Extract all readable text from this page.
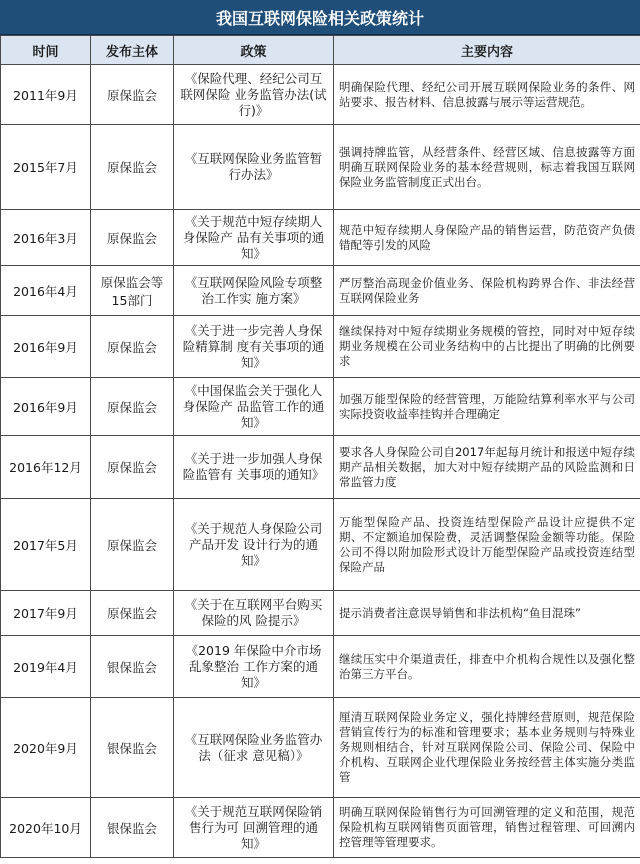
我国互联网保险相关政策统计
时间	发布主体	政策	主要内容
2011年9月	原保监会	《保险代理、经纪公司互联网保险 业务监管办法(试行)》	明确保险代理、经纪公司开展互联网保险业务的条件、网站要求、报告材料、信息披露与展示等运营规范。
2015年7月	原保监会	《互联网保险业务监管暂行办法》	强调持牌监管，从经营条件、经营区域、信息披露等方面明确互联网保险业务的基本经营规则，标志着我国互联网保险业务监管制度正式出台。
2016年3月	原保监会	《关于规范中短存续期人身保险产 品有关事项的通知》	规范中短存续期人身保险产品的销售运营，防范资产负债错配等引发的风险
2016年4月	原保监会等15部门	《互联网保险风险专项整治工作实 施方案》	严厉整治高现金价值业务、保险机构跨界合作、非法经营互联网保险业务
2016年9月	原保监会	《关于进一步完善人身保险精算制 度有关事项的通知》	继续保持对中短存续期业务规模的管控，同时对中短存续期业务规模在公司业务结构中的占比提出了明确的比例要求
2016年9月	原保监会	《中国保监会关于强化人身保险产 品监管工作的通知》	加强万能型保险的经营管理，万能险结算利率水平与公司实际投资收益率挂钩并合理确定
2016年12月	原保监会	《关于进一步加强人身保险监管有 关事项的通知》	要求各人身保险公司自2017年起每月统计和报送中短存续期产品相关数据，加大对中短存续期产品的风险监测和日常监管力度
2017年5月	原保监会	《关于规范人身保险公司产品开发 设计行为的通知》	万能型保险产品、投资连结型保险产品设计应提供不定期、不定额追加保险费，灵活调整保险金额等功能。保险公司不得以附加险形式设计万能型保险产品或投资连结型保险产品
2017年9月	原保监会	《关于在互联网平台购买保险的风 险提示》	提示消费者注意误导销售和非法机构“鱼目混珠”
2019年4月	银保监会	《2019 年保险中介市场乱象整治 工作方案的通知》	继续压实中介渠道责任，排查中介机构合规性以及强化整治第三方平台。
2020年9月	银保监会	《互联网保险业务监管办法（征求 意见稿）》	厘清互联网保险业务定义，强化持牌经营原则，规范保险营销宣传行为的标准和管理要求；基本业务规则与特殊业务规则相结合，针对互联网保险公司、保险公司、保险中介机构、互联网企业代理保险业务按经营主体实施分类监管
2020年10月	银保监会	《关于规范互联网保险销售行为可 回溯管理的通知》	明确互联网保险销售行为可回溯管理的定义和范围，规范保险机构互联网销售页面管理，销售过程管理、可回溯内控管理等管理要求。
